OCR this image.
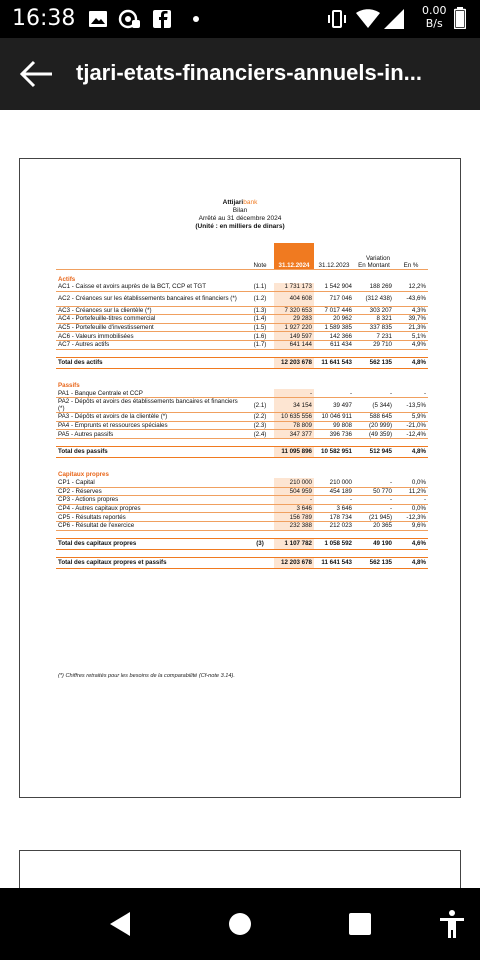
16:38	0.00
B/s
tjari-etats-financiers-annuels-in...
Attijaribank
Bilan
Arrêté au 31 décembre 2024
(Unité : en milliers de dinars)
	Note	31.12.2024	31.12.2023	Variation
En Montant	En %
Actifs					
AC1 - Caisse et avoirs auprès de la BCT, CCP et TGT	(1.1)	1 731 173	1 542 904	188 269	12,2%
AC2 - Créances sur les établissements bancaires et financiers (*)	(1.2)	404 608	717 046	(312 438)	-43,6%
AC3 - Créances sur la clientèle (*)	(1.3)	7 320 653	7 017 446	303 207	4,3%
AC4 - Portefeuille-titres commercial	(1.4)	29 283	20 962	8 321	39,7%
AC5 - Portefeuille d'investissement	(1.5)	1 927 220	1 589 385	337 835	21,3%
AC6 - Valeurs immobilisées	(1.6)	149 597	142 366	7 231	5,1%
AC7 - Autres actifs	(1.7)	641 144	611 434	29 710	4,9%

Total des actifs		12 203 678	11 641 543	562 135	4,8%

Passifs					
PA1 - Banque Centrale et CCP		-	-	-	-
PA2 - Dépôts et avoirs des établissements bancaires et financiers (*)	(2.1)	34 154	39 497	(5 344)	-13,5%
PA3 - Dépôts et avoirs de la clientèle (*)	(2.2)	10 635 556	10 046 911	588 645	5,9%
PA4 - Emprunts et ressources spéciales	(2.3)	78 809	99 808	(20 999)	-21,0%
PA5 - Autres passifs	(2.4)	347 377	396 736	(49 359)	-12,4%

Total des passifs		11 095 896	10 582 951	512 945	4,8%

Capitaux propres					
CP1 - Capital		210 000	210 000	-	0,0%
CP2 - Réserves		504 959	454 189	50 770	11,2%
CP3 - Actions propres		-	-	-	-
CP4 - Autres capitaux propres		3 646	3 646	-	0,0%
CP5 - Résultats reportés		156 789	178 734	(21 945)	-12,3%
CP6 - Résultat de l'exercice		232 388	212 023	20 365	9,6%

Total des capitaux propres	(3)	1 107 782	1 058 592	49 190	4,6%

Total des capitaux propres et passifs		12 203 678	11 641 543	562 135	4,8%
(*) Chiffres retraités pour les besoins de la comparabilité (Cf-note 3.14).
